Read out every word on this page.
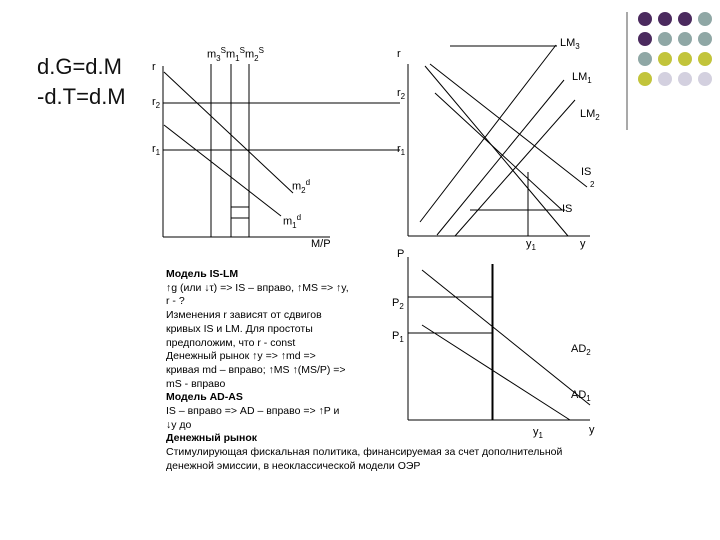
d.G=d.M
-d.T=d.M
r
$r_2$
$r_1$
$m_3^Sm_1^Sm_2^S$
$m_2^d$
$m_1^d$
M/P
r
$r_2$
$r_1$
$LM_3$
$LM_1$
$LM_2$
IS
2
IS
$y_1$	y
P
$P_2$
$P_1$
$AD_2$
$AD_1$
$y_1$	y
Модель IS-LM
↑g (или ↓τ) => IS – вправо, ↑MS => ↑y,
r - ?
Изменения r зависят от сдвигов
кривых IS и LM. Для простоты
предположим, что r - const
Денежный рынок ↑y => ↑md =>
кривая md – вправо; ↑MS ↑(MS/P) =>
mS - вправо
Модель AD-AS
IS – вправо => AD – вправо => ↑P и
↓y до
Денежный рынок
Стимулирующая фискальная политика, финансируемая за счет дополнительной
денежной эмиссии, в неоклассической модели ОЭР
